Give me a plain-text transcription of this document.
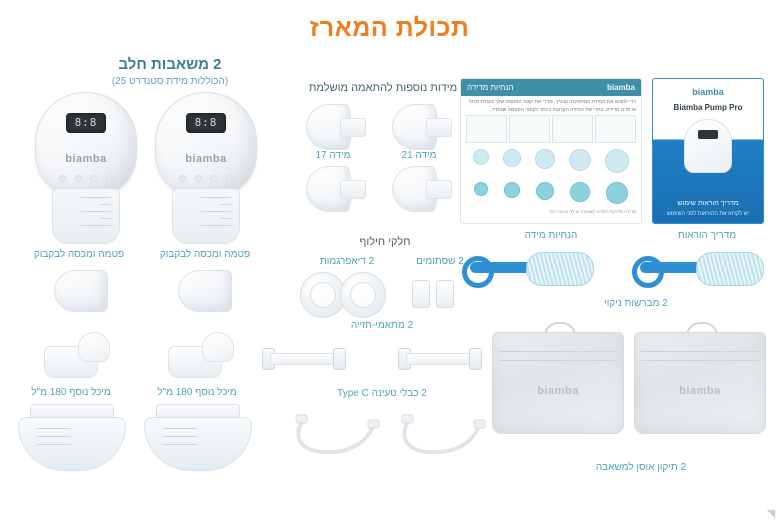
תכולת המארז
2 משאבות חלב
(הכוללות מידת סטנדרט 25)
8:8
biamba
8:8
biamba
פטמה ומכסה לבקבוק	פטמה ומכסה לבקבוק
מיכל נוסף 180 מ"ל	מיכל נוסף 180 מ"ל
מידות נוספות להתאמה מושלמת
מידה 17	מידה 21
חלקי חילוף
2 דיאפרגמות	2 שסתומים
2 מתאמי-חזייה
2 כבלי טעינה Type C
biamba
הנחיות מדידה
כדי למצוא את המידה המתאימה עבורך, מדדי את קוטר הפטמה שלך בעזרת סרגל או סרט מדידה. בחרי את המידה הקרובה ביותר לקוטר הפטמה שנמדד.
מדידה מדויקת תסייע לשאיבה יעילה ונוחה יותר
biamba
Biamba Pump Pro
מדריך הוראות שימוש
יש לקרוא את ההוראות לפני השימוש
הנחיות מידה	מדריך הוראות
2 מברשות ניקוי
biamba	biamba
2 תיקון אוסן למשאבה
◥
